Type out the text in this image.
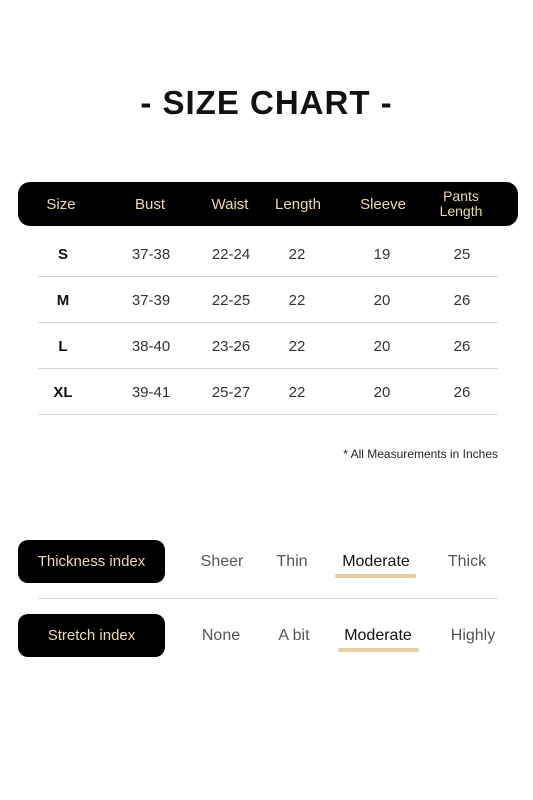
- SIZE CHART -
Size	Bust	Waist	Length	Sleeve	Pants Length
S	37-38	22-24	22	19	25
M	37-39	22-25	22	20	26
L	38-40	23-26	22	20	26
XL	39-41	25-27	22	20	26
* All Measurements in Inches
Thickness index	Sheer	Thin	Moderate	Thick
Stretch index	None	A bit	Moderate	Highly
